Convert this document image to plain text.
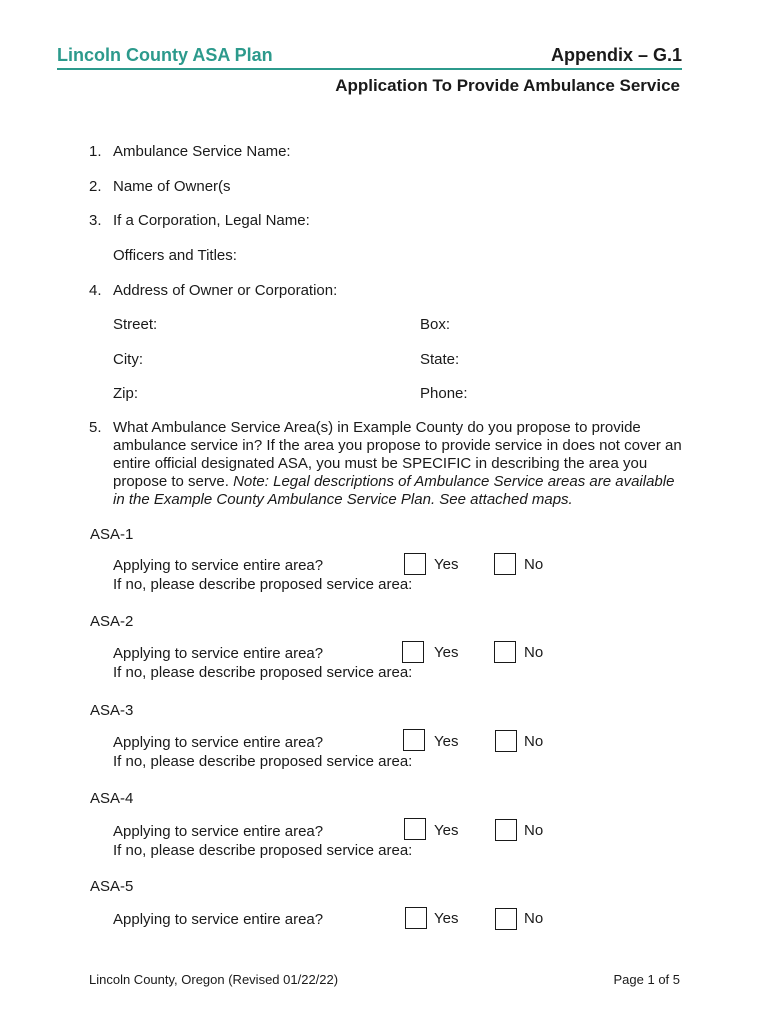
Lincoln County ASA Plan	Appendix – G.1
Application To Provide Ambulance Service
1. Ambulance Service Name:
2. Name of Owner(s
3. If a Corporation, Legal Name:
Officers and Titles:
4. Address of Owner or Corporation:
Street:	Box:
City:	State:
Zip:	Phone:
5. What Ambulance Service Area(s) in Example County do you propose to provide ambulance service in? If the area you propose to provide service in does not cover an entire official designated ASA, you must be SPECIFIC in describing the area you propose to serve. Note: Legal descriptions of Ambulance Service areas are available in the Example County Ambulance Service Plan. See attached maps.
ASA-1
Applying to service entire area?
If no, please describe proposed service area:
Yes	No
ASA-2
Applying to service entire area?
If no, please describe proposed service area:
Yes	No
ASA-3
Applying to service entire area?
If no, please describe proposed service area:
Yes	No
ASA-4
Applying to service entire area?
If no, please describe proposed service area:
Yes	No
ASA-5
Applying to service entire area?	Yes	No
Lincoln County, Oregon (Revised 01/22/22)	Page 1 of 5
